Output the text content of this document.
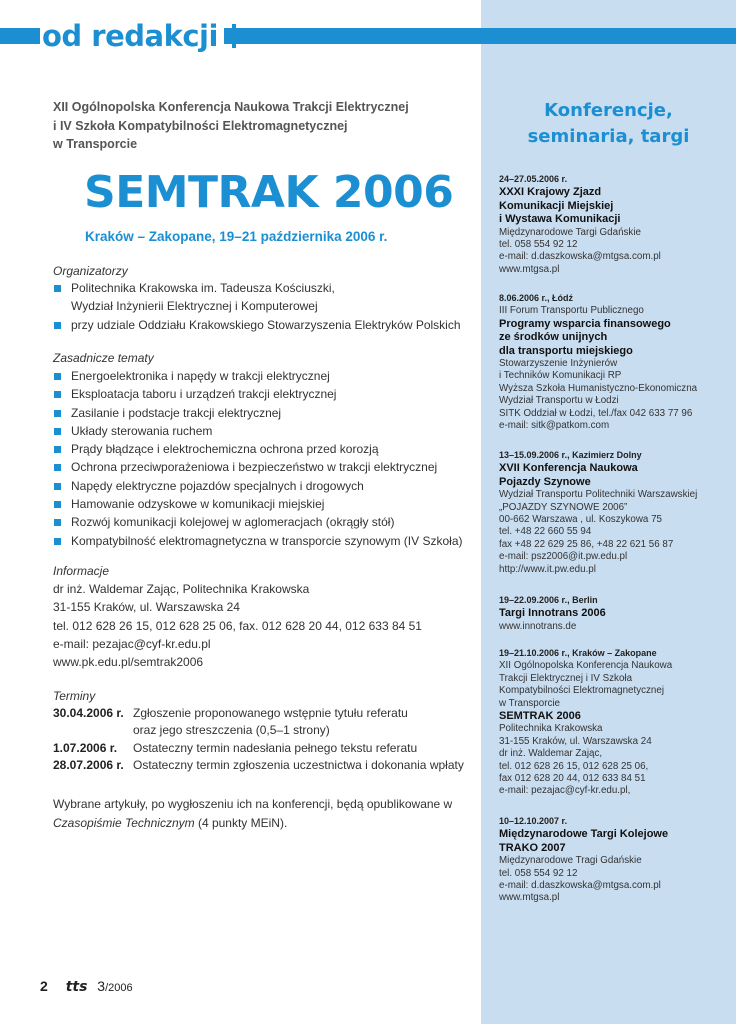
od redakcji
XII Ogólnopolska Konferencja Naukowa Trakcji Elektrycznej
i IV Szkoła Kompatybilności Elektromagnetycznej
w Transporcie
SEMTRAK 2006
Kraków – Zakopane, 19–21 października 2006 r.
Organizatorzy
Politechnika Krakowska im. Tadeusza Kościuszki,
Wydział Inżynierii Elektrycznej i Komputerowej
przy udziale Oddziału Krakowskiego Stowarzyszenia Elektryków Polskich
Zasadnicze tematy
Energoelektronika i napędy w trakcji elektrycznej
Eksploatacja taboru i urządzeń trakcji elektrycznej
Zasilanie i podstacje trakcji elektrycznej
Układy sterowania ruchem
Prądy błądzące i elektrochemiczna ochrona przed korozją
Ochrona przeciwporażeniowa i bezpieczeństwo w trakcji elektrycznej
Napędy elektryczne pojazdów specjalnych i drogowych
Hamowanie odzyskowe w komunikacji miejskiej
Rozwój komunikacji kolejowej w aglomeracjach (okrągły stół)
Kompatybilność elektromagnetyczna w transporcie szynowym (IV Szkoła)
Informacje
dr inż. Waldemar Zając, Politechnika Krakowska
31-155 Kraków, ul. Warszawska 24
tel. 012 628 26 15, 012 628 25 06, fax. 012 628 20 44, 012 633 84 51
e-mail: pezajac@cyf-kr.edu.pl
www.pk.edu.pl/semtrak2006
Terminy
30.04.2006 r. Zgłoszenie proponowanego wstępnie tytułu referatu
oraz jego streszczenia (0,5–1 strony)
1.07.2006 r.	Ostateczny termin nadesłania pełnego tekstu referatu
28.07.2006 r. Ostateczny termin zgłoszenia uczestnictwa i dokonania wpłaty
Wybrane artykuły, po wygłoszeniu ich na konferencji, będą opublikowane w Czasopiśmie Technicznym (4 punkty MEiN).
2 tts 3/2006
Konferencje,
seminaria, targi
24–27.05.2006 r.
XXXI Krajowy Zjazd
Komunikacji Miejskiej
i Wystawa Komunikacji
Międzynarodowe Targi Gdańskie
tel. 058 554 92 12
e-mail: d.daszkowska@mtgsa.com.pl
www.mtgsa.pl
8.06.2006 r., Łódź
III Forum Transportu Publicznego
Programy wsparcia finansowego
ze środków unijnych
dla transportu miejskiego
Stowarzyszenie Inżynierów
i Techników Komunikacji RP
Wyższa Szkoła Humanistyczno-Ekonomiczna
Wydział Transportu w Łodzi
SITK Oddział w Łodzi, tel./fax 042 633 77 96
e-mail: sitk@patkom.com
13–15.09.2006 r., Kazimierz Dolny
XVII Konferencja Naukowa
Pojazdy Szynowe
Wydział Transportu Politechniki Warszawskiej
„POJAZDY SZYNOWE 2006”
00-662 Warszawa , ul. Koszykowa 75
tel. +48 22 660 55 94
fax +48 22 629 25 86, +48 22 621 56 87
e-mail: psz2006@it.pw.edu.pl
http://www.it.pw.edu.pl
19–22.09.2006 r., Berlin
Targi Innotrans 2006
www.innotrans.de
19–21.10.2006 r., Kraków – Zakopane
XII Ogólnopolska Konferencja Naukowa
Trakcji Elektrycznej i IV Szkoła
Kompatybilności Elektromagnetycznej
w Transporcie
SEMTRAK 2006
Politechnika Krakowska
31-155 Kraków, ul. Warszawska 24
dr inż. Waldemar Zając,
tel. 012 628 26 15, 012 628 25 06,
fax 012 628 20 44, 012 633 84 51
e-mail: pezajac@cyf-kr.edu.pl,
10–12.10.2007 r.
Międzynarodowe Targi Kolejowe
TRAKO 2007
Międzynarodowe Tragi Gdańskie
tel. 058 554 92 12
e-mail: d.daszkowska@mtgsa.com.pl
www.mtgsa.pl
